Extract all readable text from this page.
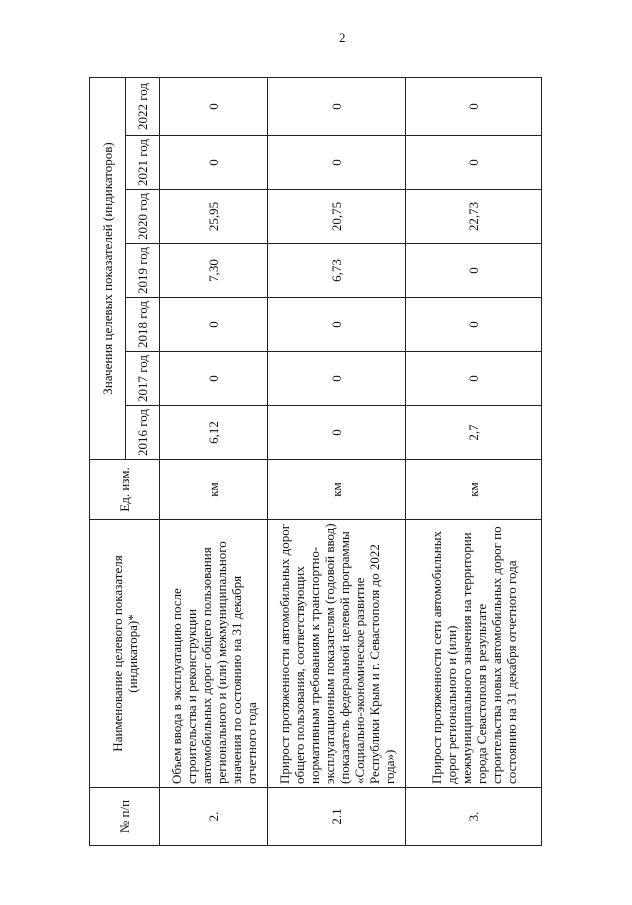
2
№ п/п	Наименование целевого показателя (индикатора)*	Ед. изм.	Значения целевых показателей (индикаторов)						
			2016 год	2017 год	2018 год	2019 год	2020 год	2021 год	2022 год
2.	Объем ввода в эксплуатацию после строительства и реконструкции автомобильных дорог общего пользования регионального и (или) межмуниципального значения по состоянию на 31 декабря отчетного года	км	6,12	0	0	7,30	25,95	0	0
2.1	Прирост протяженности автомобильных дорог общего пользования, соответствующих нормативным требованиям к транспортно-эксплуатационным показателям (годовой ввод) (показатель федеральной целевой программы «Социально-экономическое развитие Республики Крым и г. Севастополя до 2022 года»)	км	0	0	0	6,73	20,75	0	0
3.	Прирост протяженности сети автомобильных дорог регионального и (или) межмуниципального значения на территории города Севастополя в результате строительства новых автомобильных дорог по состоянию на 31 декабря отчетного года	км	2,7	0	0	0	22,73	0	0
